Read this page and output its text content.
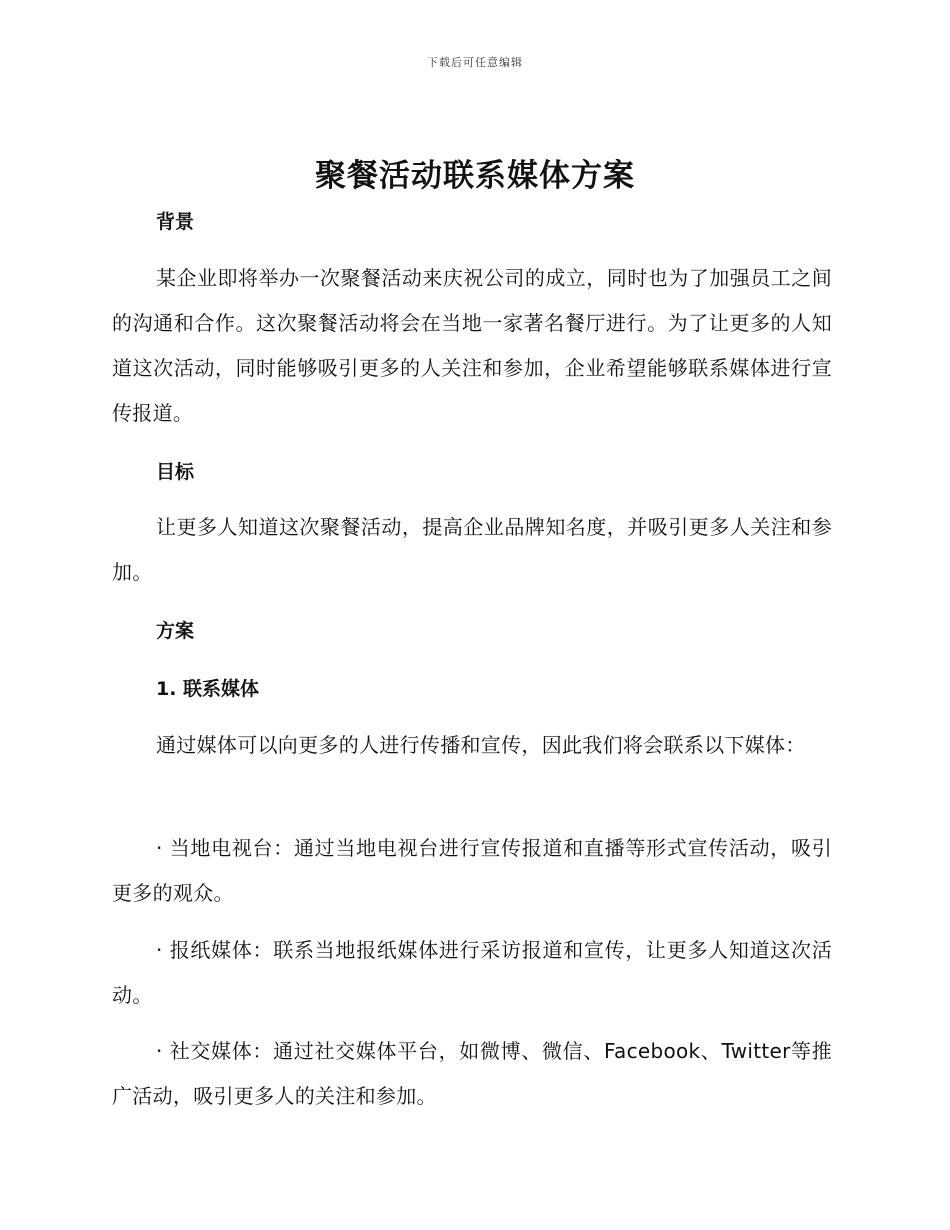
下载后可任意编辑
聚餐活动联系媒体方案
背景
某企业即将举办一次聚餐活动来庆祝公司的成立，同时也为了加强员工之间的沟通和合作。这次聚餐活动将会在当地一家著名餐厅进行。为了让更多的人知道这次活动，同时能够吸引更多的人关注和参加，企业希望能够联系媒体进行宣传报道。
目标
让更多人知道这次聚餐活动，提高企业品牌知名度，并吸引更多人关注和参加。
方案
1. 联系媒体
通过媒体可以向更多的人进行传播和宣传，因此我们将会联系以下媒体：
· 当地电视台：通过当地电视台进行宣传报道和直播等形式宣传活动，吸引更多的观众。
· 报纸媒体：联系当地报纸媒体进行采访报道和宣传，让更多人知道这次活动。
· 社交媒体：通过社交媒体平台，如微博、微信、Facebook、Twitter等推广活动，吸引更多人的关注和参加。
